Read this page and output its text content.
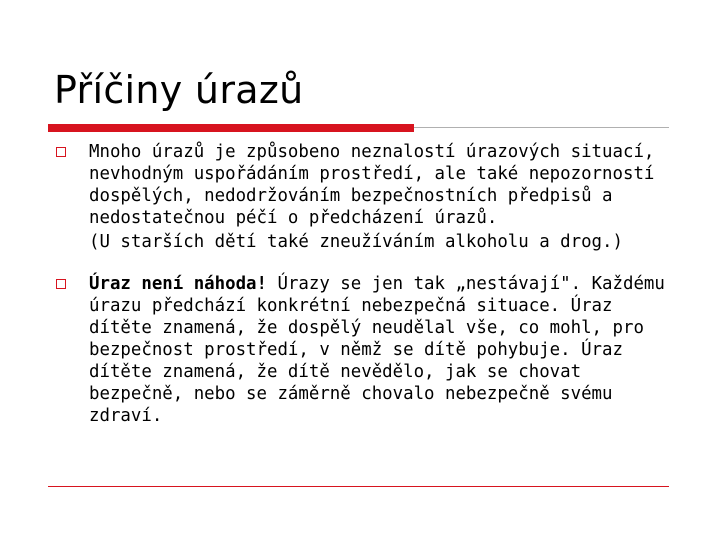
Příčiny úrazů
Mnoho úrazů je způsobeno neznalostí úrazových situací, nevhodným uspořádáním prostředí, ale také nepozorností dospělých, nedodržováním bezpečnostních předpisů a nedostatečnou péčí o předcházení úrazů.
(U starších dětí také zneužíváním alkoholu a drog.)
Úraz není náhoda! Úrazy se jen tak „nestávají". Každému úrazu předchází konkrétní nebezpečná situace. Úraz dítěte znamená, že dospělý neudělal vše, co mohl, pro bezpečnost prostředí, v němž se dítě pohybuje. Úraz dítěte znamená, že dítě nevědělo, jak se chovat bezpečně, nebo se záměrně chovalo nebezpečně svému zdraví.
